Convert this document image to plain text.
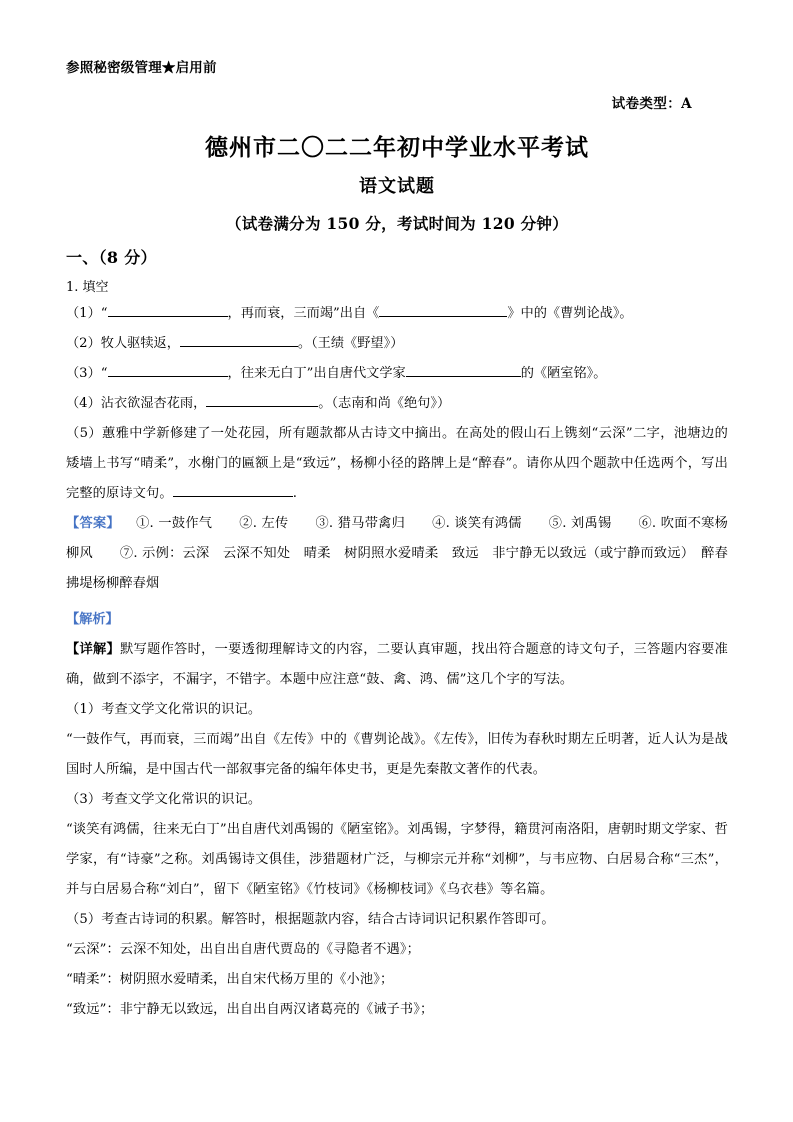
参照秘密级管理★启用前
试卷类型：A
德州市二〇二二年初中学业水平考试
语文试题
（试卷满分为 150 分，考试时间为 120 分钟）
一、（8 分）
1. 填空
（1）“	，再而衰，三而竭”出自《	》中的《曹刿论战》。
（2）牧人驱犊返，	。（王绩《野望》）
（3）“	，往来无白丁”出自唐代文学家	的《陋室铭》。
（4）沾衣欲湿杏花雨，	。（志南和尚《绝句》）
（5）蕙雅中学新修建了一处花园，所有题款都从古诗文中摘出。在高处的假山石上镌刻“云深”二字，池塘边的矮墙上书写“晴柔”，水榭门的匾额上是“致远”，杨柳小径的路牌上是“醉春”。请你从四个题款中任选两个，写出完整的原诗文句。	.
【答案】 ①. 一鼓作气　　②. 左传　　③. 猎马带禽归　　④. 谈笑有鸿儒　　⑤. 刘禹锡　　⑥. 吹面不寒杨柳风　　⑦. 示例：云深　云深不知处　晴柔　树阴照水爱晴柔　致远　非宁静无以致远（或宁静而致远）　醉春　拂堤杨柳醉春烟
【解析】
【详解】默写题作答时，一要透彻理解诗文的内容，二要认真审题，找出符合题意的诗文句子，三答题内容要准确，做到不添字，不漏字，不错字。本题中应注意“鼓、禽、鸿、儒”这几个字的写法。
（1）考查文学文化常识的识记。
“一鼓作气，再而衰，三而竭”出自《左传》中的《曹刿论战》。《左传》，旧传为春秋时期左丘明著，近人认为是战国时人所编，是中国古代一部叙事完备的编年体史书，更是先秦散文著作的代表。
（3）考查文学文化常识的识记。
“谈笑有鸿儒，往来无白丁”出自唐代刘禹锡的《陋室铭》。刘禹锡，字梦得，籍贯河南洛阳，唐朝时期文学家、哲学家，有“诗豪”之称。刘禹锡诗文俱佳，涉猎题材广泛，与柳宗元并称“刘柳”，与韦应物、白居易合称“三杰”，并与白居易合称“刘白”，留下《陋室铭》《竹枝词》《杨柳枝词》《乌衣巷》等名篇。
（5）考查古诗词的积累。解答时，根据题款内容，结合古诗词识记积累作答即可。
“云深”：云深不知处，出自出自唐代贾岛的《寻隐者不遇》；
“晴柔”：树阴照水爱晴柔，出自宋代杨万里的《小池》；
“致远”：非宁静无以致远，出自出自两汉诸葛亮的《诫子书》；
